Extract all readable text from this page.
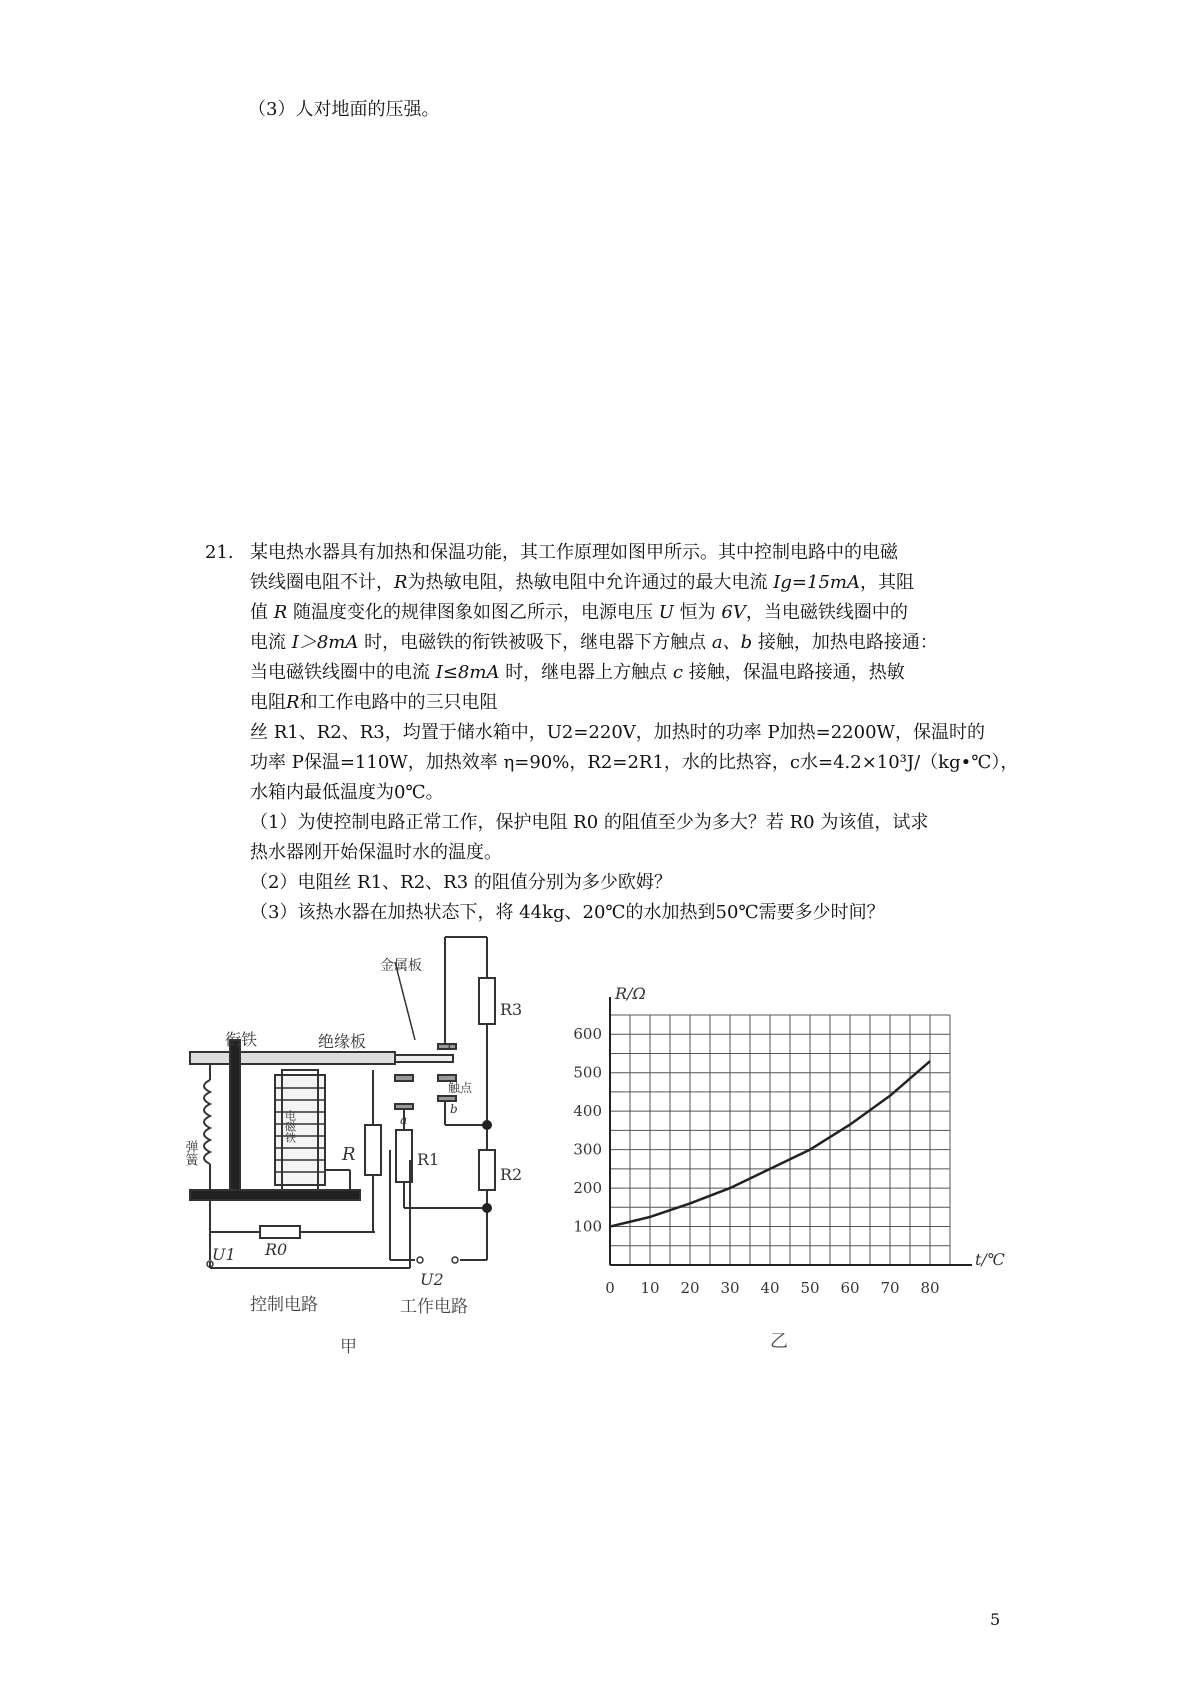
（3）人对地面的压强。
21. 某电热水器具有加热和保温功能，其工作原理如图甲所示。其中控制电路中的电磁

铁线圈电阻不计，R为热敏电阻，热敏电阻中允许通过的最大电流 Ig=15mA，其阻

值 R 随温度变化的规律图象如图乙所示，电源电压 U 恒为 6V，当电磁铁线圈中的

电流 I＞8mA 时，电磁铁的衔铁被吸下，继电器下方触点 a、b 接触，加热电路接通：

当电磁铁线圈中的电流 I≤8mA 时，继电器上方触点 c 接触，保温电路接通，热敏

电阻R和工作电路中的三只电阻

丝 R1、R2、R3，均置于储水箱中，U2=220V，加热时的功率 P加热=2200W，保温时的

功率 P保温=110W，加热效率 η=90%，R2=2R1，水的比热容，c水=4.2×10³J/（kg•℃），

水箱内最低温度为0℃。

（1）为使控制电路正常工作，保护电阻 R0 的阻值至少为多大？若 R0 为该值，试求

热水器刚开始保温时水的温度。

（2）电阻丝 R1、R2、R3 的阻值分别为多少欧姆？

（3）该热水器在加热状态下，将 44kg、20℃的水加热到50℃需要多少时间？

衔铁	绝缘板
金属板
c
触点
a
b
弹簧
电磁铁
R
R0
U1
U2
R1
R2
R3
控制电路	工作电路
甲
0 10 20 30 40 50 60 70 80
100
200
300
400
500
600
R/Ω
t/℃
乙
5
